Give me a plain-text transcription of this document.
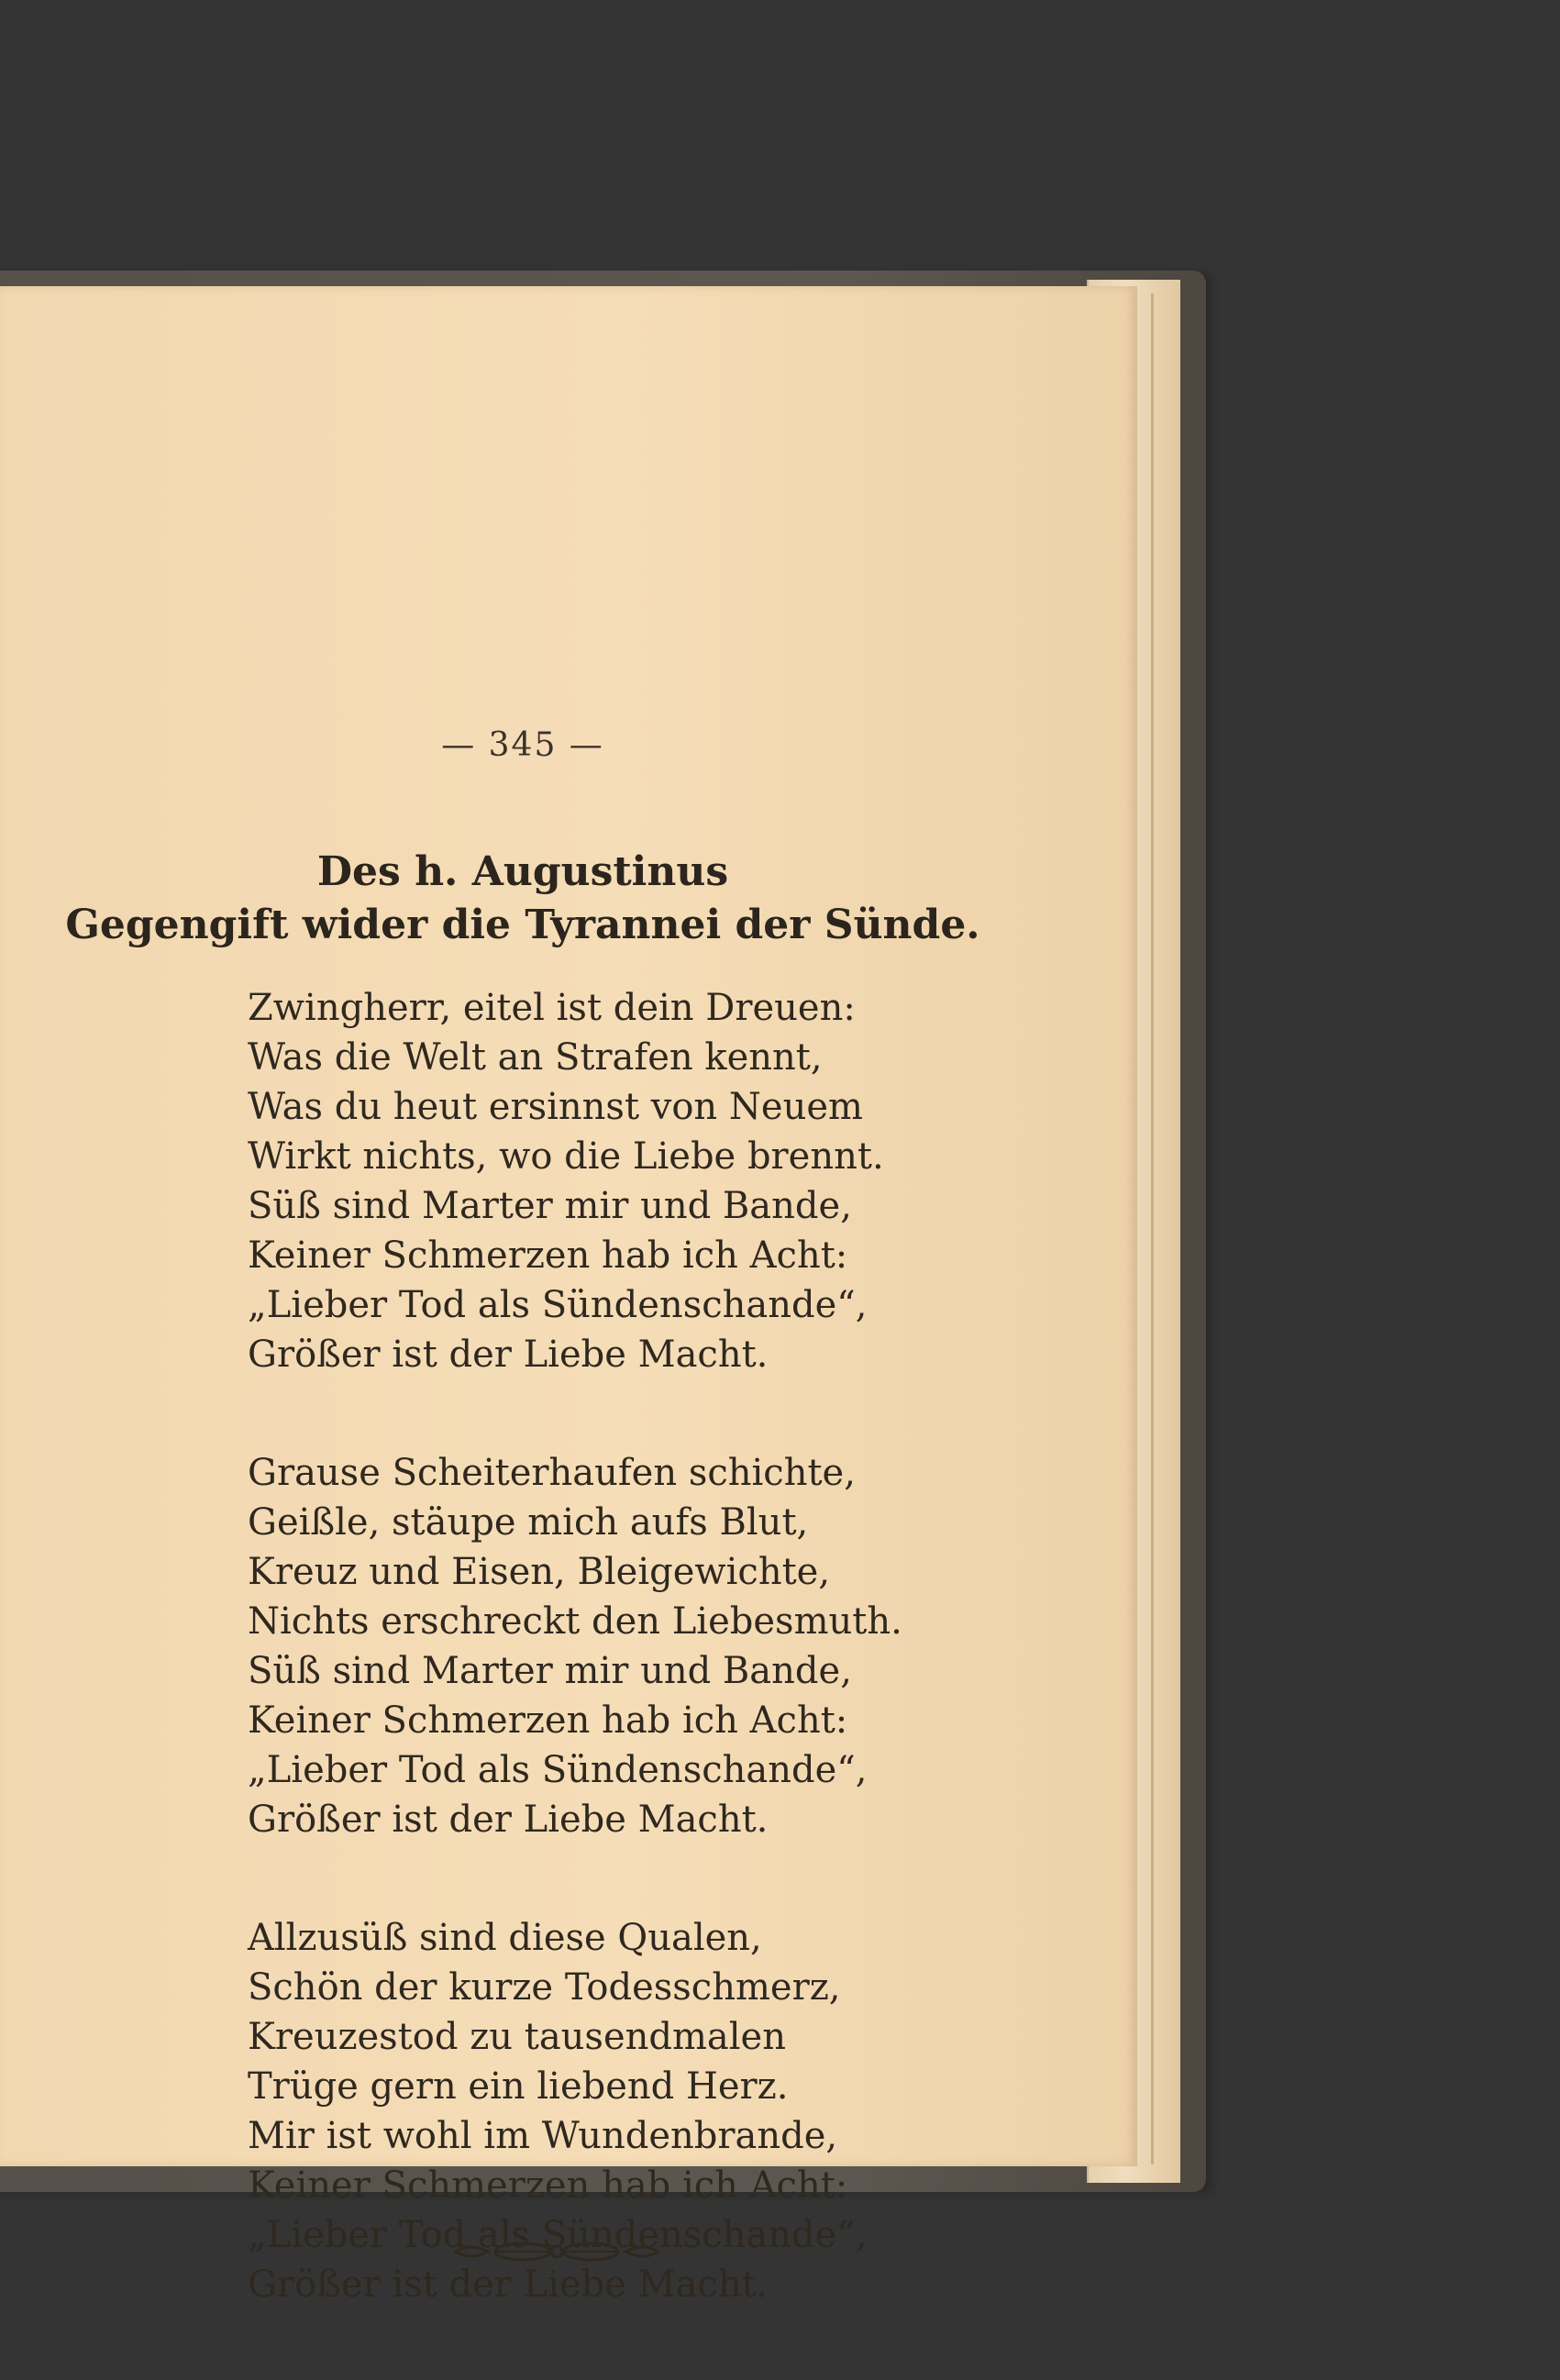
— 345 —
Des h. Augustinus
Gegengift wider die Tyrannei der Sünde.
Zwingherr, eitel ist dein Dreuen:
Was die Welt an Strafen kennt,
Was du heut ersinnst von Neuem
Wirkt nichts, wo die Liebe brennt.
Süß sind Marter mir und Bande,
Keiner Schmerzen hab ich Acht:
„Lieber Tod als Sündenschande“,
Größer ist der Liebe Macht.
Grause Scheiterhaufen schichte,
Geißle, stäupe mich aufs Blut,
Kreuz und Eisen, Bleigewichte,
Nichts erschreckt den Liebesmuth.
Süß sind Marter mir und Bande,
Keiner Schmerzen hab ich Acht:
„Lieber Tod als Sündenschande“,
Größer ist der Liebe Macht.
Allzusüß sind diese Qualen,
Schön der kurze Todesschmerz,
Kreuzestod zu tausendmalen
Trüge gern ein liebend Herz.
Mir ist wohl im Wundenbrande,
Keiner Schmerzen hab ich Acht:
„Lieber Tod als Sündenschande“,
Größer ist der Liebe Macht.
